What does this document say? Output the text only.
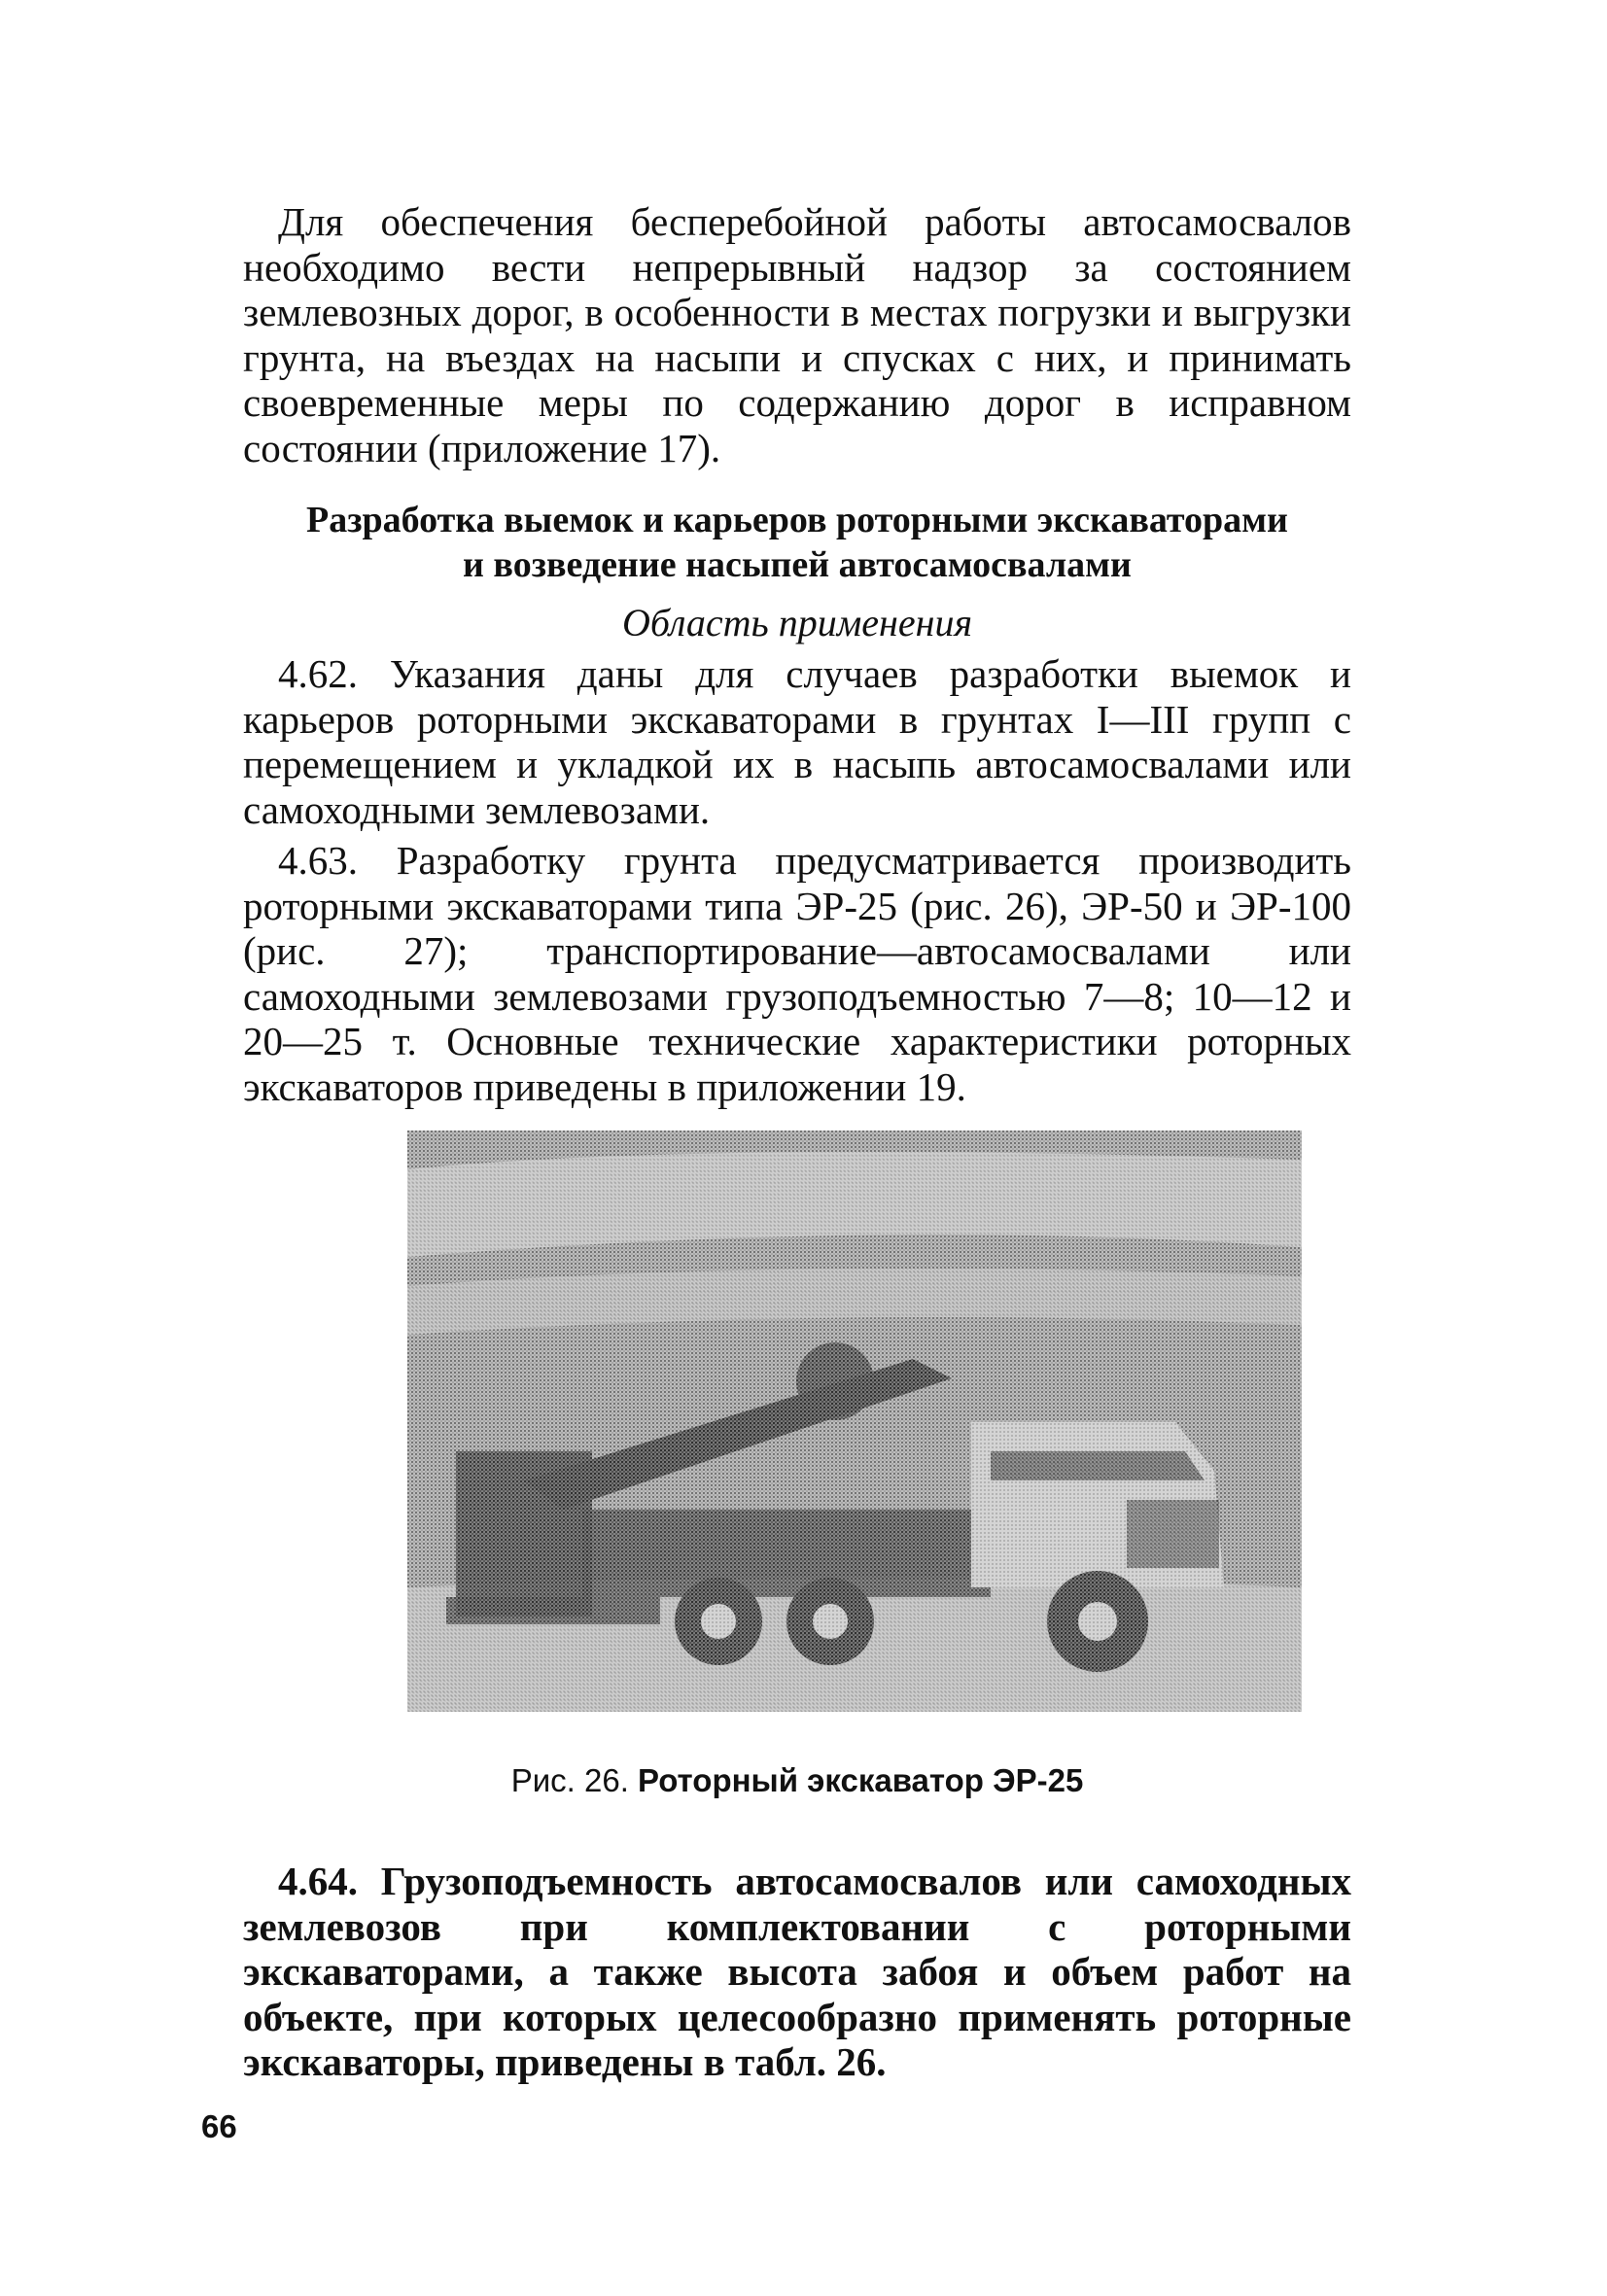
Для обеспечения бесперебойной работы автосамосвалов необходимо вести непрерывный надзор за состоянием землевозных дорог, в особенности в местах погрузки и выгрузки грунта, на въездах на насыпи и спусках с них, и принимать своевременные меры по содержанию дорог в исправном состоянии (приложение 17).

Разработка выемок и карьеров роторными экскаваторами

и возведение насыпей автосамосвалами

Область применения

4.62. Указания даны для случаев разработки выемок и карьеров роторными экскаваторами в грунтах I—III групп с перемещением и укладкой их в насыпь автосамосвалами или самоходными землевозами.

4.63. Разработку грунта предусматривается производить роторными экскаваторами типа ЭР-25 (рис. 26), ЭР-50 и ЭР-100 (рис. 27); транспортирование—автосамосвалами или самоходными землевозами грузоподъемностью 7—8; 10—12 и 20—25 т. Основные технические характеристики роторных экскаваторов приведены в приложении 19.

Рис. 26. Роторный экскаватор ЭР-25

4.64. Грузоподъемность автосамосвалов или самоходных землевозов при комплектовании с роторными экскаваторами, а также высота забоя и объем работ на объекте, при которых целесообразно применять роторные экскаваторы, приведены в табл. 26.

66
